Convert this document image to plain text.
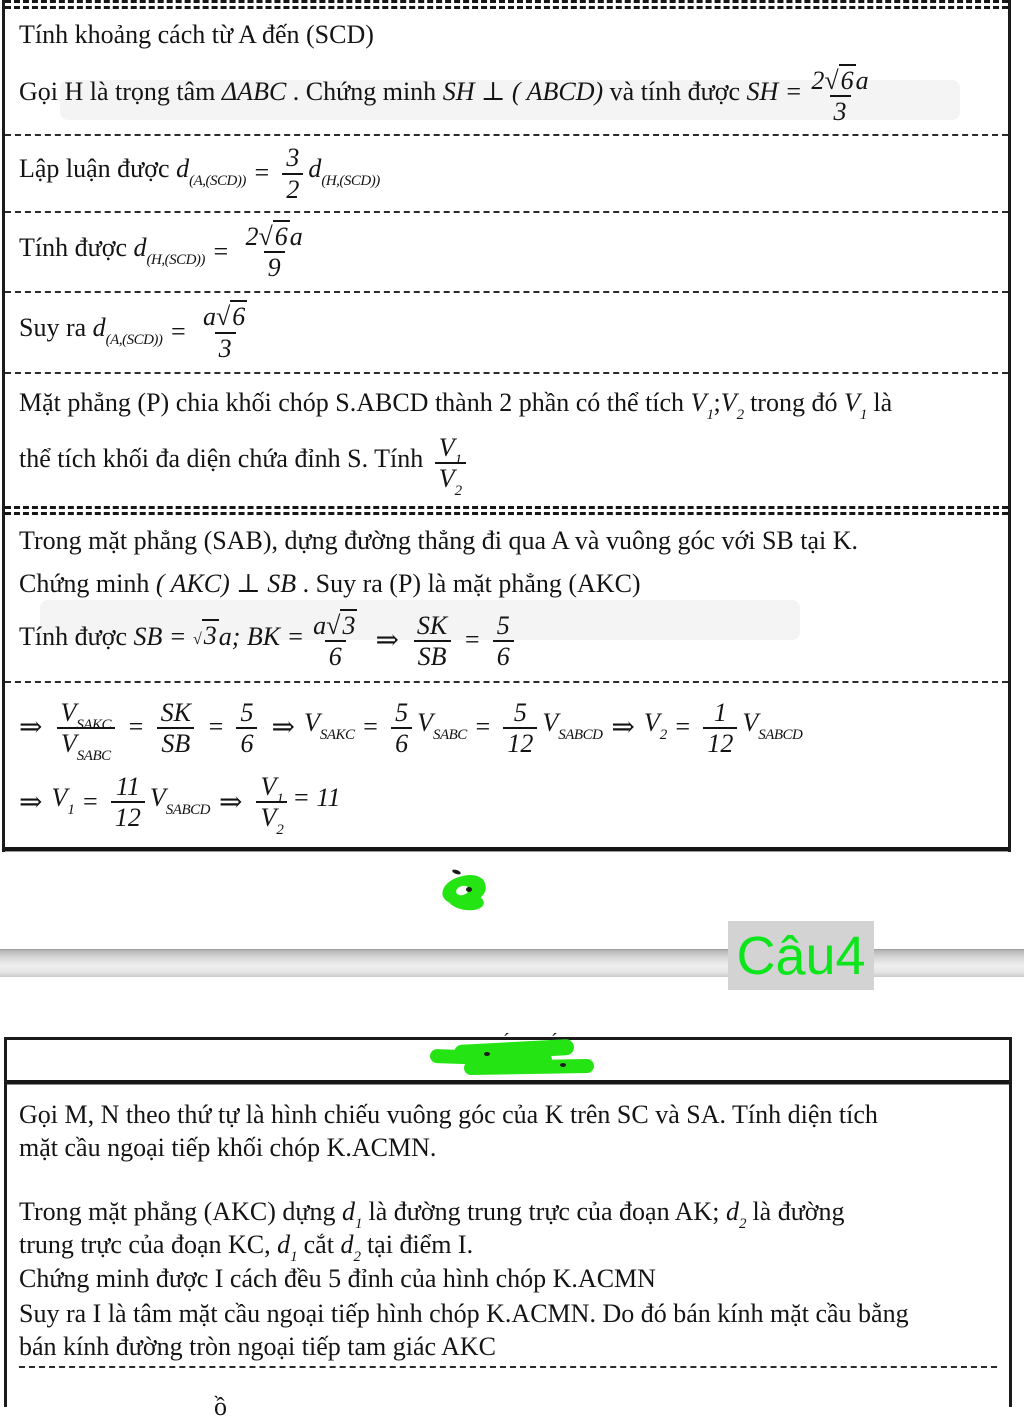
Tính khoảng cách từ A đến (SCD)
Gọi H là trọng tâm ΔABC . Chứng minh SH ⊥ ( ABCD) và tính được SH = $\frac{2√6a}{3}$
Lập luận được $d_{(A,(SCD))} = \frac{3}{2} d_{(H,(SCD))}$
Tính được $d_{(H,(SCD))} = \frac{2√6a}{9}$
Suy ra $d_{(A,(SCD))} = \frac{a√6}{3}$
Mặt phẳng (P) chia khối chóp S.ABCD thành 2 phần có thể tích $V_1;V_2$ trong đó $V_1$ là
thể tích khối đa diện chứa đỉnh S. Tính $\frac{V_1}{V_2}$
Trong mặt phẳng (SAB), dựng đường thẳng đi qua A và vuông góc với SB tại K.
Chứng minh ( AKC) ⊥ SB . Suy ra (P) là mặt phẳng (AKC)
Tính được SB = √3a; BK = $\frac{a√3}{6}$ ⇒ $\frac{SK}{SB} = \frac{5}{6}$
⇒ $\frac{V_{SAKC}}{V_{SABC}} = \frac{SK}{SB} = \frac{5}{6}$ ⇒ $V_{SAKC} = \frac{5}{6} V_{SABC} = \frac{5}{12} V_{SABCD}$ ⇒ $V_2 = \frac{1}{12} V_{SABCD}$
⇒ $V_1 = \frac{11}{12} V_{SABCD}$ ⇒ $\frac{V_1}{V_2} = 11$
Câu4
Gọi M, N theo thứ tự là hình chiếu vuông góc của K trên SC và SA. Tính diện tích
mặt cầu ngoại tiếp khối chóp K.ACMN.
Trong mặt phẳng (AKC) dựng $d_1$ là đường trung trực của đoạn AK; $d_2$ là đường
trung trực của đoạn KC, $d_1$ cắt $d_2$ tại điểm I.
Chứng minh được I cách đều 5 đỉnh của hình chóp K.ACMN
Suy ra I là tâm mặt cầu ngoại tiếp hình chóp K.ACMN. Do đó bán kính mặt cầu bằng
bán kính đường tròn ngoại tiếp tam giác AKC
´ ´
ồ
